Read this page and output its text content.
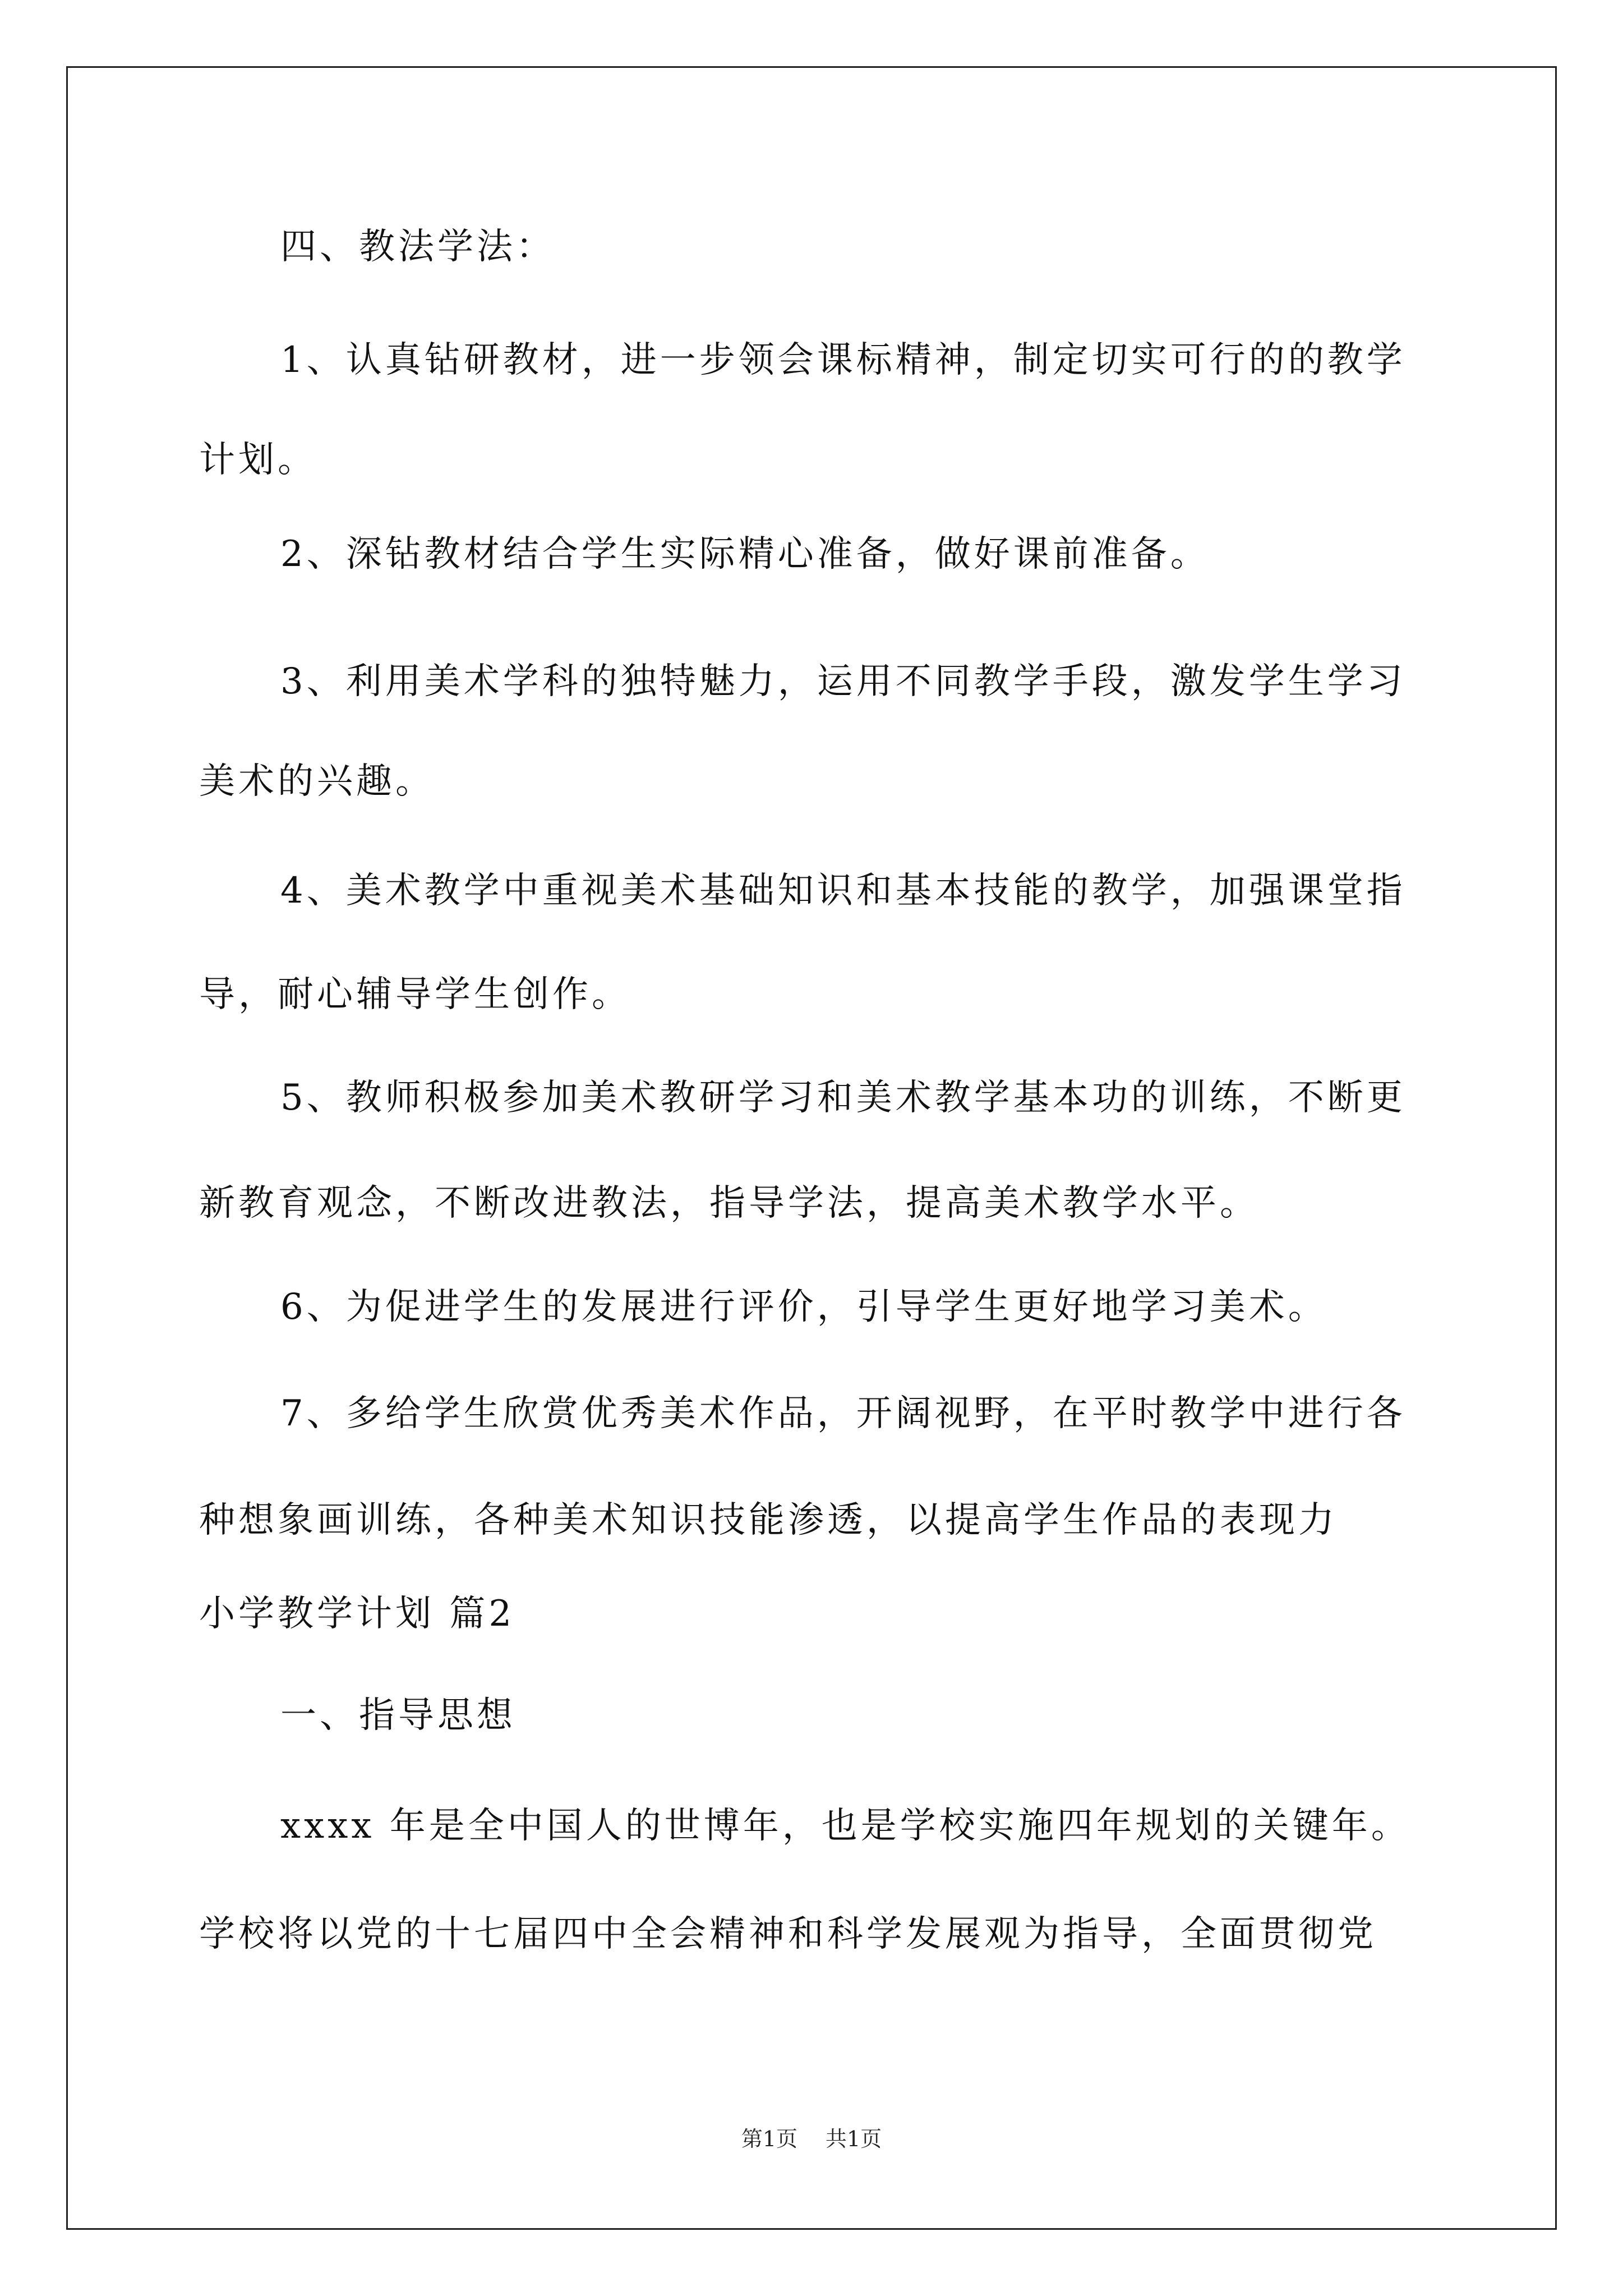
四、教法学法：
1、认真钻研教材，进一步领会课标精神，制定切实可行的的教学
计划。
2、深钻教材结合学生实际精心准备，做好课前准备。
3、利用美术学科的独特魅力，运用不同教学手段，激发学生学习
美术的兴趣。
4、美术教学中重视美术基础知识和基本技能的教学，加强课堂指
导，耐心辅导学生创作。
5、教师积极参加美术教研学习和美术教学基本功的训练，不断更
新教育观念，不断改进教法，指导学法，提高美术教学水平。
6、为促进学生的发展进行评价，引导学生更好地学习美术。
7、多给学生欣赏优秀美术作品，开阔视野，在平时教学中进行各
种想象画训练，各种美术知识技能渗透，以提高学生作品的表现力
小学教学计划 篇2
一、指导思想
xxxx 年是全中国人的世博年，也是学校实施四年规划的关键年。
学校将以党的十七届四中全会精神和科学发展观为指导，全面贯彻党
第1页 共1页
